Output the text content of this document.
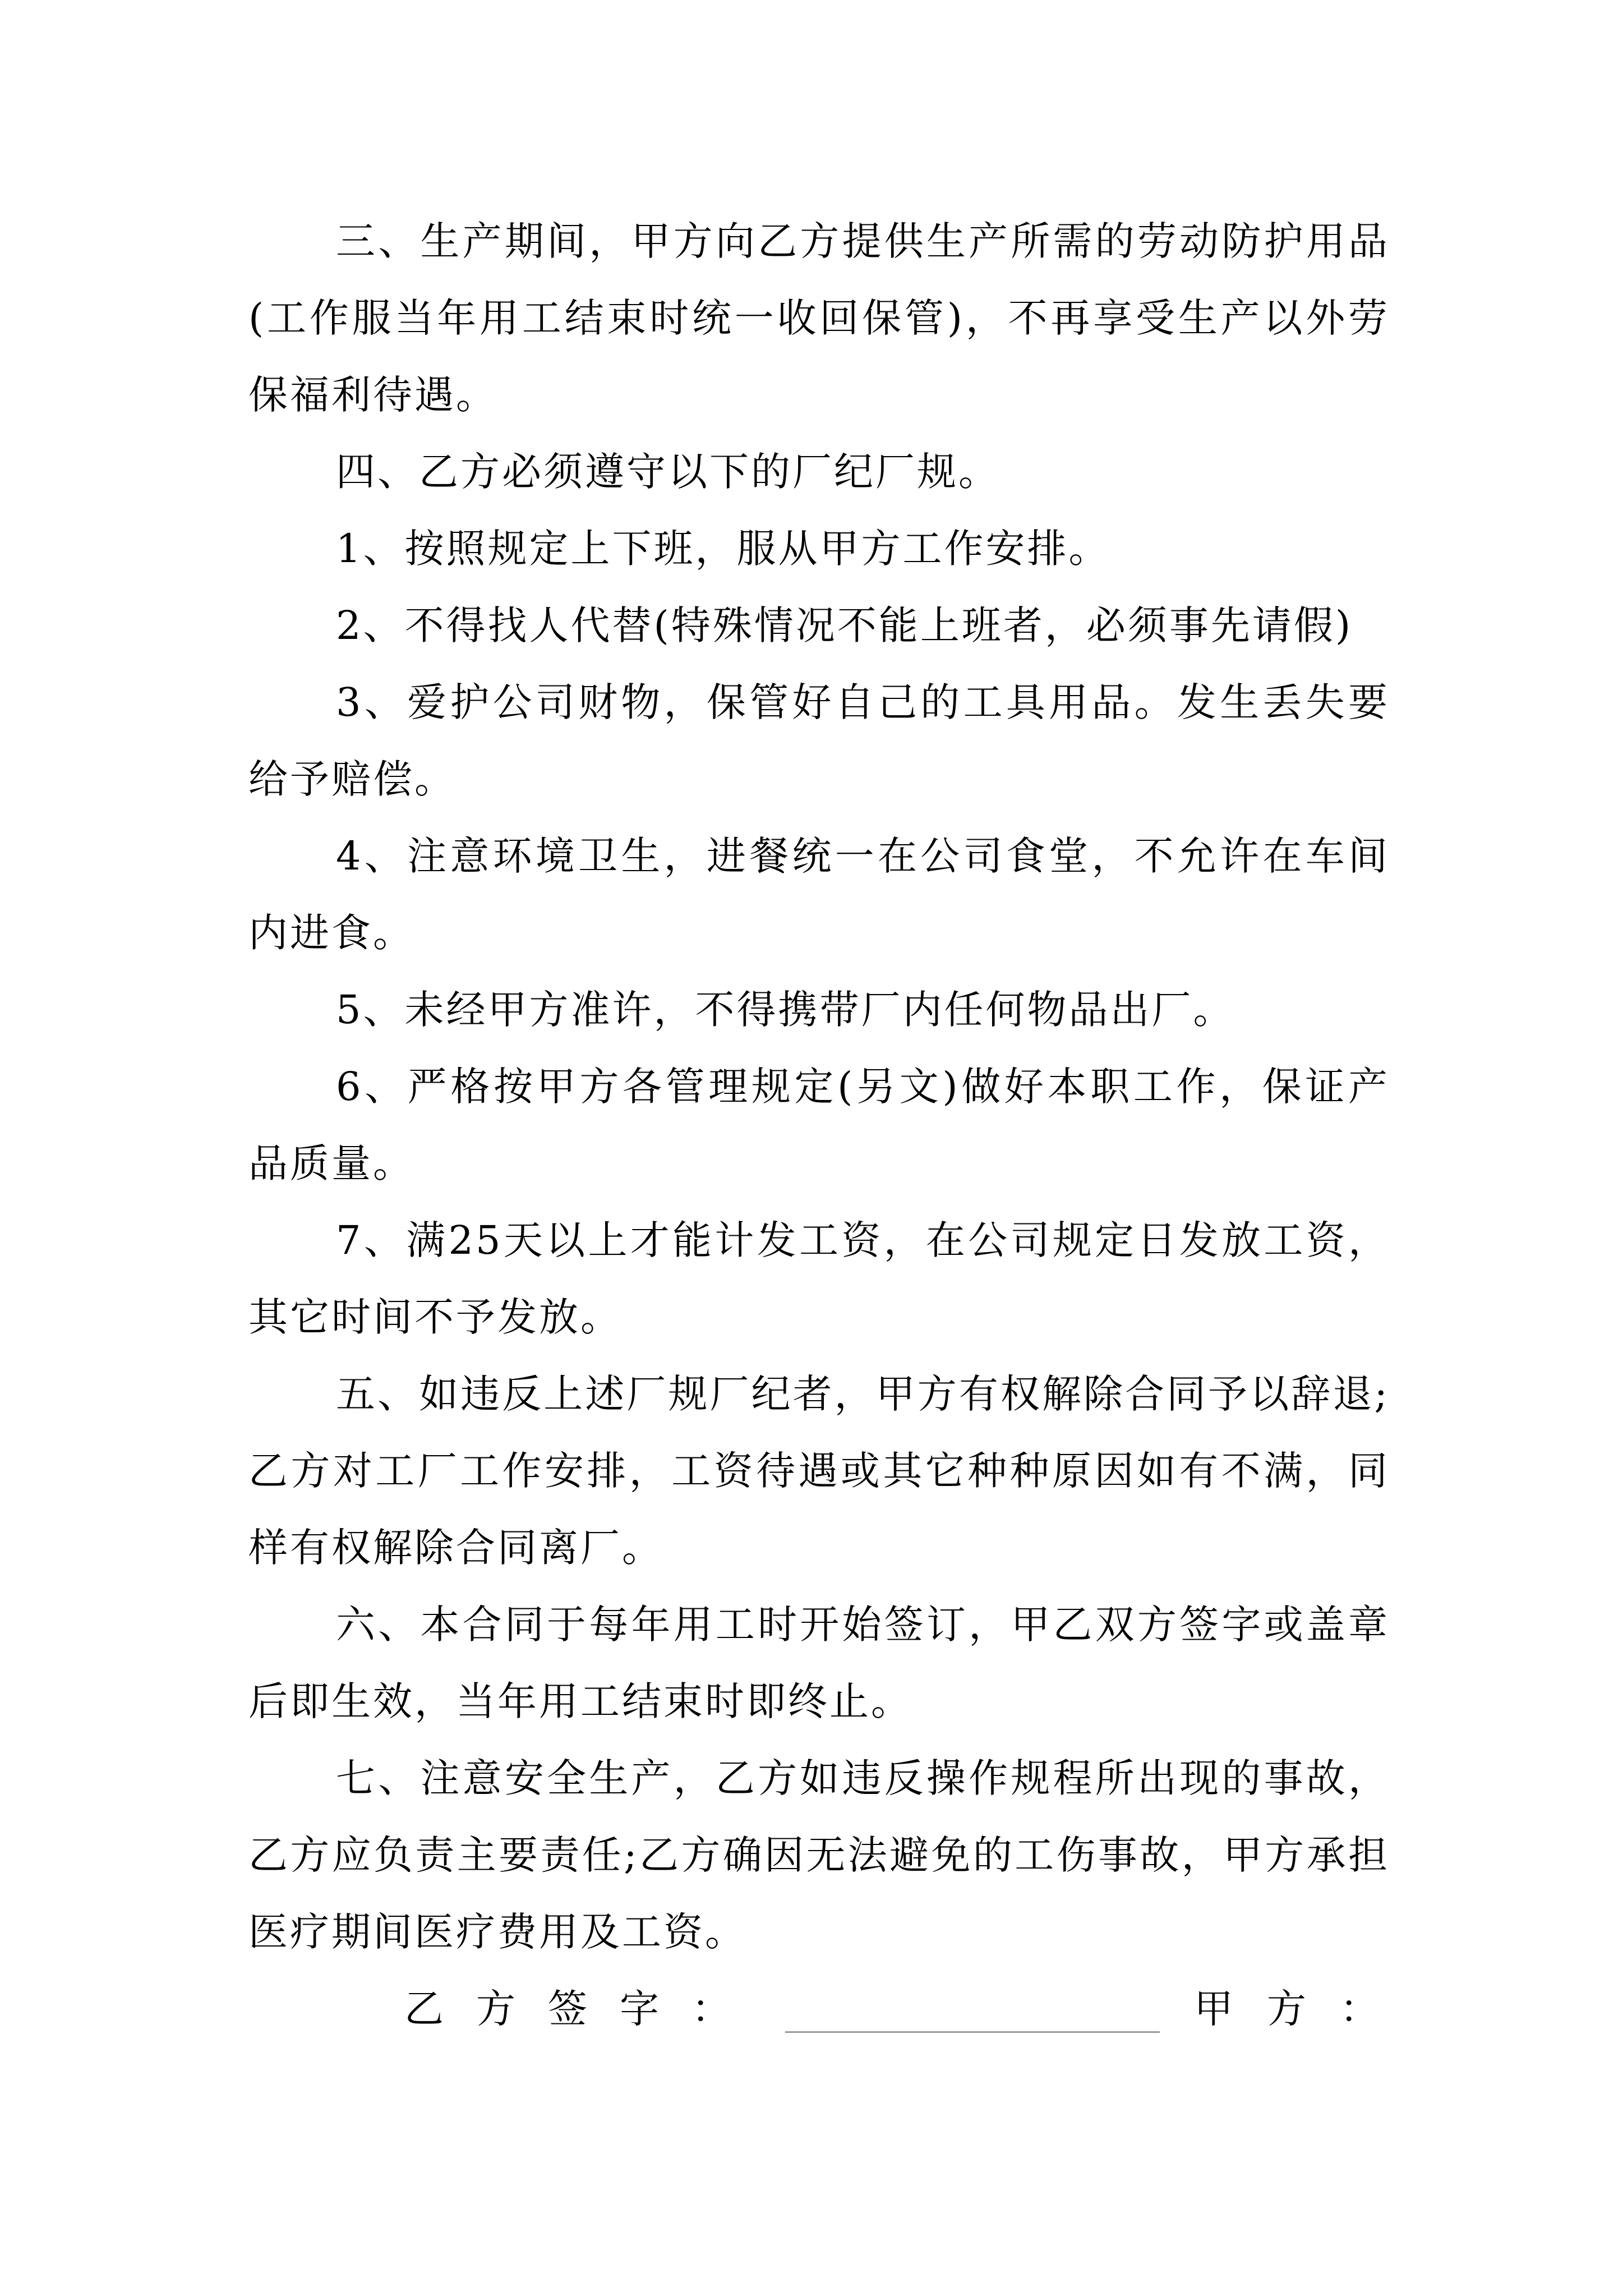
三、生产期间，甲方向乙方提供生产所需的劳动防护用品(工作服当年用工结束时统一收回保管)，不再享受生产以外劳保福利待遇。

四、乙方必须遵守以下的厂纪厂规。

1、按照规定上下班，服从甲方工作安排。

2、不得找人代替(特殊情况不能上班者，必须事先请假)

3、爱护公司财物，保管好自己的工具用品。发生丢失要给予赔偿。

4、注意环境卫生，进餐统一在公司食堂，不允许在车间内进食。

5、未经甲方准许，不得携带厂内任何物品出厂。

6、严格按甲方各管理规定(另文)做好本职工作，保证产品质量。

7、满25天以上才能计发工资，在公司规定日发放工资，其它时间不予发放。

五、如违反上述厂规厂纪者，甲方有权解除合同予以辞退;乙方对工厂工作安排，工资待遇或其它种种原因如有不满，同样有权解除合同离厂。

六、本合同于每年用工时开始签订，甲乙双方签字或盖章后即生效，当年用工结束时即终止。

七、注意安全生产，乙方如违反操作规程所出现的事故，乙方应负责主要责任;乙方确因无法避免的工伤事故，甲方承担医疗期间医疗费用及工资。

乙方签字：	甲方：
